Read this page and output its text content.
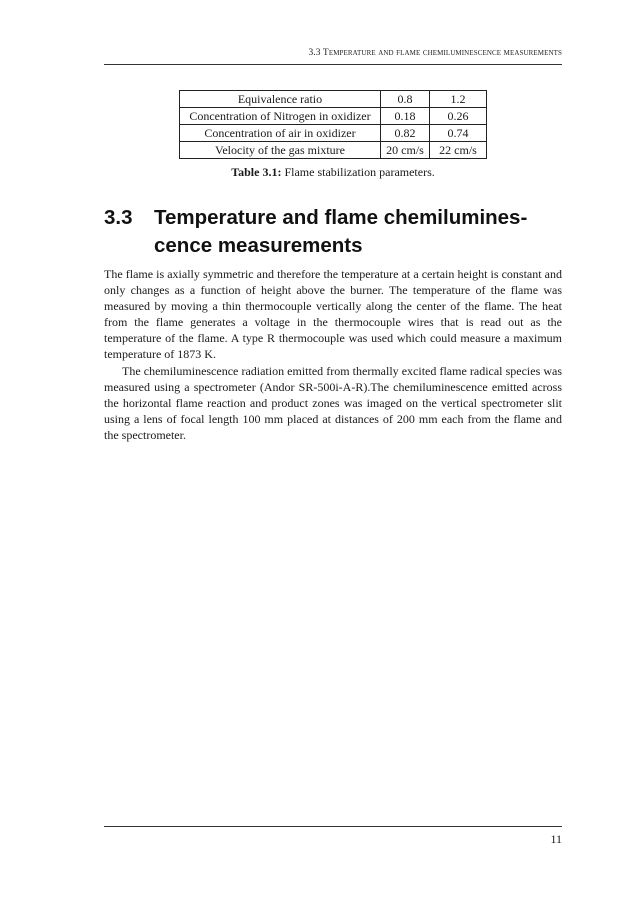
3.3 Temperature and flame chemiluminescence measurements
Equivalence ratio	0.8	1.2
Concentration of Nitrogen in oxidizer	0.18	0.26
Concentration of air in oxidizer	0.82	0.74
Velocity of the gas mixture	20 cm/s	22 cm/s
Table 3.1: Flame stabilization parameters.
3.3 Temperature and flame chemilumines-cence measurements

The flame is axially symmetric and therefore the temperature at a certain height is constant and only changes as a function of height above the burner. The temperature of the flame was measured by moving a thin thermocouple vertically along the center of the flame. The heat from the flame generates a voltage in the thermocouple wires that is read out as the temperature of the flame. A type R thermocouple was used which could measure a maximum temperature of 1873 K.

The chemiluminescence radiation emitted from thermally excited flame radical species was measured using a spectrometer (Andor SR-500i-A-R).The chemiluminescence emitted across the horizontal flame reaction and product zones was imaged on the vertical spectrometer slit using a lens of focal length 100 mm placed at distances of 200 mm each from the flame and the spectrometer.

11
